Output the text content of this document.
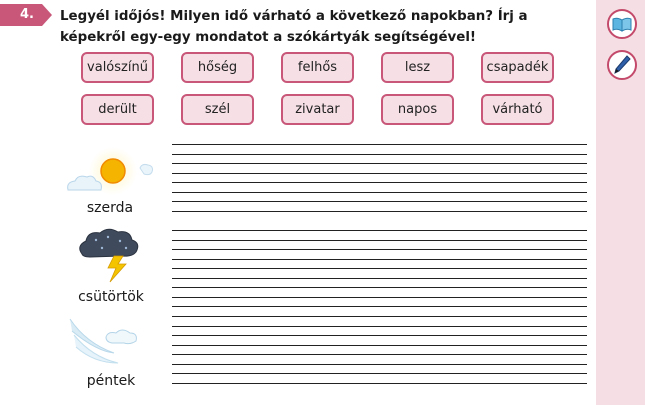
4. Legyél időjós! Milyen idő várható a következő napokban? Írj a képekről egy-egy mondatot a szókártyák segítségével!
valószínű	hőség	felhős	lesz	csapadék
derült	szél	zivatar	napos	várható
szerda
csütörtök
péntek
